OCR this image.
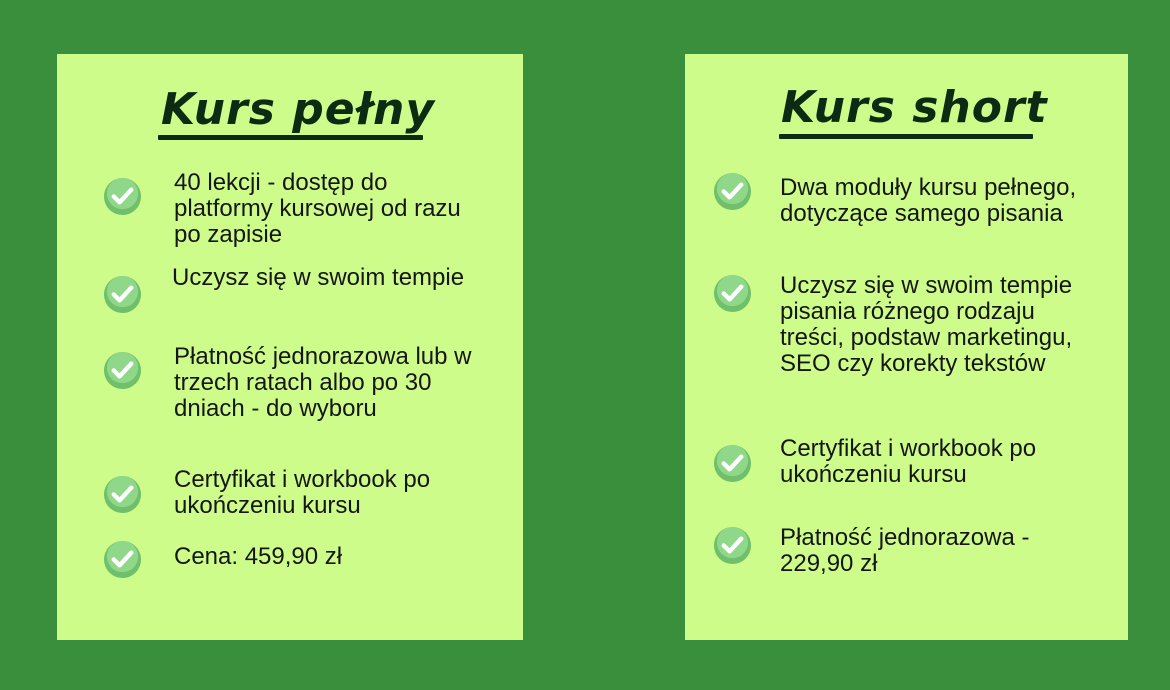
Kurs pełny

40 lekcji - dostęp do platformy kursowej od razu po zapisie

Uczysz się w swoim tempie

Płatność jednorazowa lub w trzech ratach albo po 30 dniach - do wyboru

Certyfikat i workbook po ukończeniu kursu

Cena: 459,90 zł

Kurs short

Dwa moduły kursu pełnego, dotyczące samego pisania

Uczysz się w swoim tempie pisania różnego rodzaju treści, podstaw marketingu, SEO czy korekty tekstów

Certyfikat i workbook po ukończeniu kursu

Płatność jednorazowa - 229,90 zł
